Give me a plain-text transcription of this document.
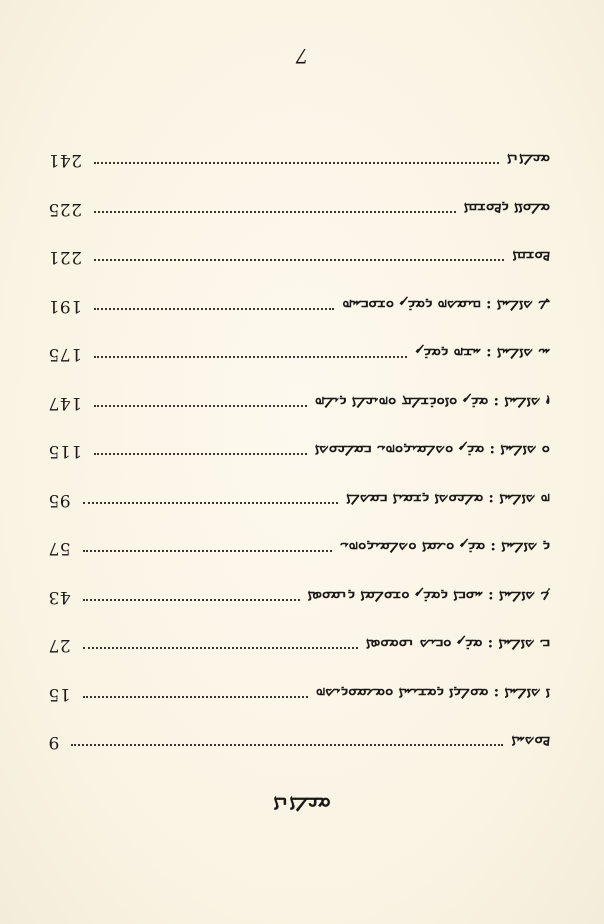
7
241	ܡܟܠܐܢܐ
225	ܡܠܘܐܐ ܕܦܘܫܩܐ
221	ܦܘܫܩܐ
191	ܛ ܬܐܠܚܐ : ܩܝܡܬܗ ܕܡܪܢ ܘܫܘܒܚܗ
175	ܚ ܬܐܠܚܐ : ܚܫܗ ܕܡܪܢ
147	ܙ ܬܐܠܚܐ : ܡܪܢ ܘܐܘܪܫܠܡ ܘܗܝܟܠܐ ܕܝܠܗ
115	ܘ ܬܐܠܚܐ : ܡܪܢ ܘܬܠܡܝܕܘܗܝ ܒܡܠܟܘܬܐ
95	ܗ ܬܐܠܚܐ : ܡܠܟܘܬܐ ܕܫܡܝܐ ܒܡܬܠܐ
57	ܕ ܬܐܠܚܐ : ܡܪܢ ܘܥܡܐ ܘܬܠܡܝܕܘܗܝ
43	ܓ ܬܐܠܚܐ : ܚܘܒܐ ܕܡܪܢ ܘܫܘܠܡܐ ܕܢܡܘܣܐ
27	ܒ ܬܐܠܚܐ : ܡܪܢ ܘܒܝܬ ܢܘܡܘܣܐ
15	ܐ ܬܐܠܚܐ : ܡܘܠܕܐ ܕܡܫܝܚܐ ܘܡܥܡܘܕܝܬܗ
9	ܦܘܬܚܐ
ܡܟܠܐܢܐ
